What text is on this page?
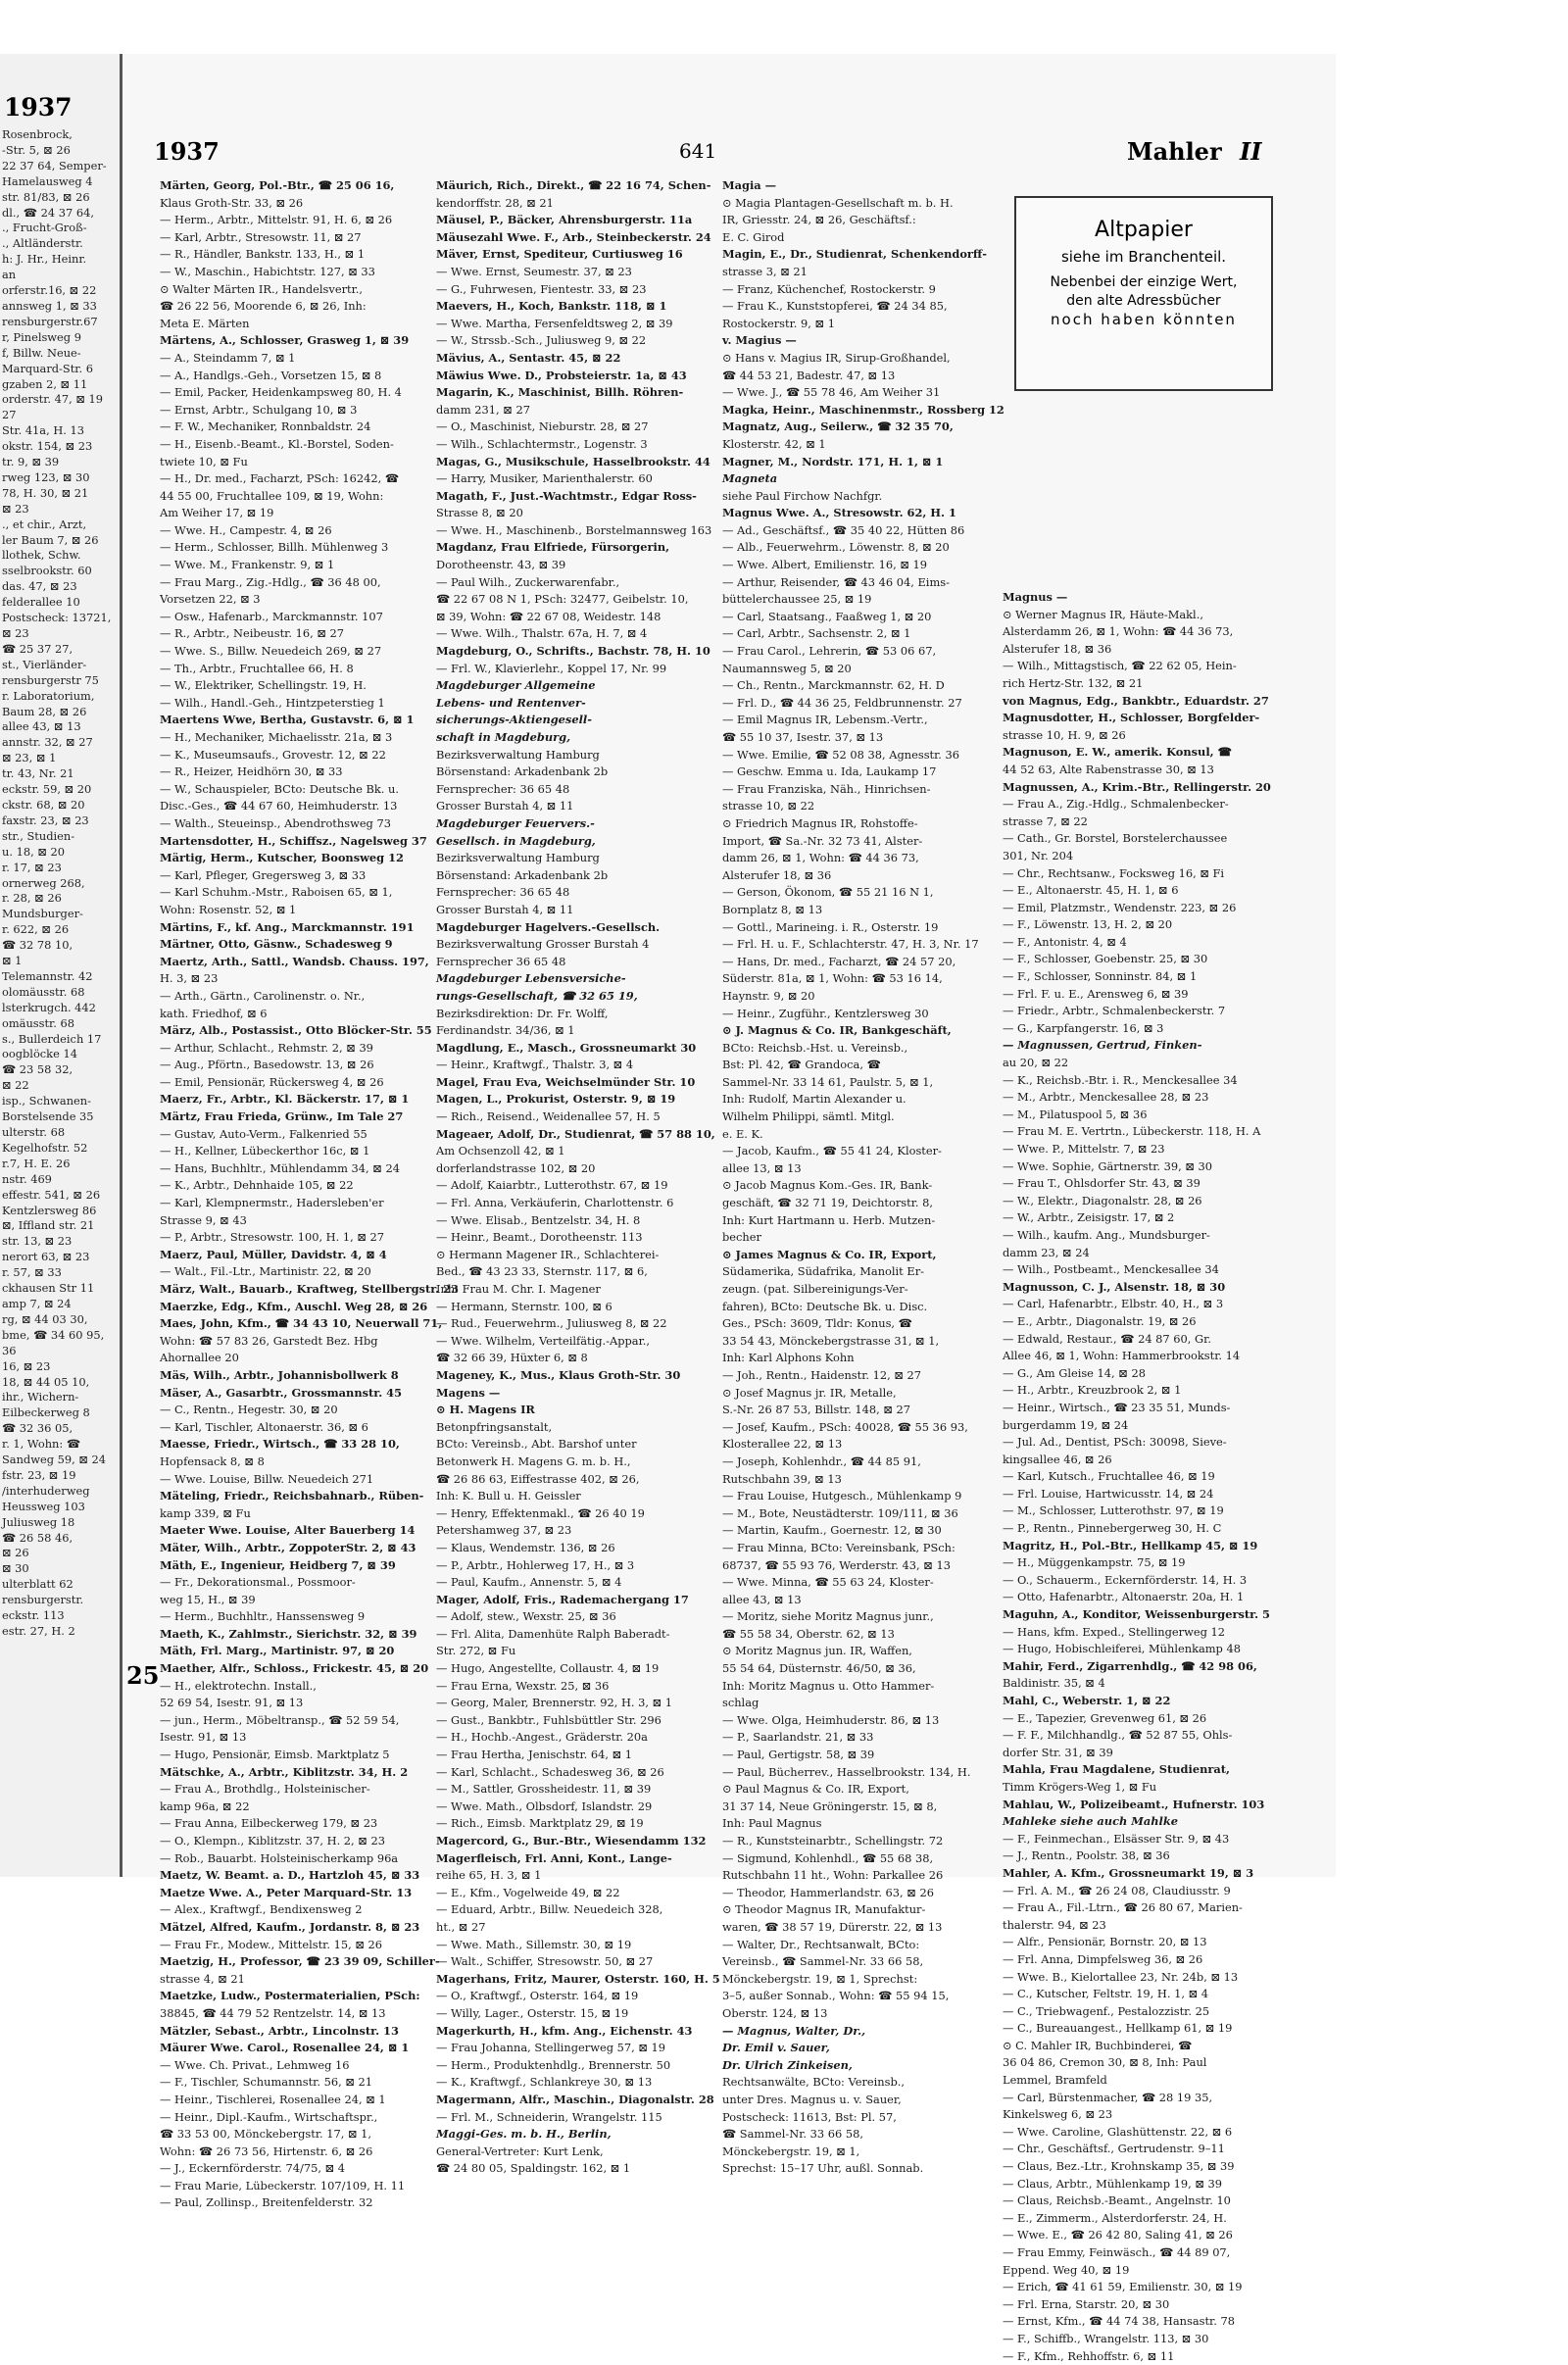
1937
Rosenbrock,
-Str. 5, ⊠ 26
22 37 64, Semper-
Hamelausweg 4
str. 81/83, ⊠ 26
dl., ☎ 24 37 64,
., Frucht-Groß-
., Altländerstr.
h: J. Hr., Heinr.
an
orferstr.16, ⊠ 22
annsweg 1, ⊠ 33
rensburgerstr.67
r, Pinelsweg 9
f, Billw. Neue-
Marquard-Str. 6
gzaben 2, ⊠ 11
orderstr. 47, ⊠ 19
27
Str. 41a, H. 13
okstr. 154, ⊠ 23
tr. 9, ⊠ 39
rweg 123, ⊠ 30
78, H. 30, ⊠ 21
⊠ 23
., et chir., Arzt,
ler Baum 7, ⊠ 26
llothek, Schw.
sselbrookstr. 60
das. 47, ⊠ 23
felderallee 10
Postscheck: 13721,
⊠ 23
☎ 25 37 27,
st., Vierländer-
rensburgerstr 75
r. Laboratorium,
Baum 28, ⊠ 26
allee 43, ⊠ 13
annstr. 32, ⊠ 27
⊠ 23, ⊠ 1
tr. 43, Nr. 21
eckstr. 59, ⊠ 20
ckstr. 68, ⊠ 20
faxstr. 23, ⊠ 23
str., Studien-
u. 18, ⊠ 20
r. 17, ⊠ 23
ornerweg 268,
r. 28, ⊠ 26
Mundsburger-
r. 622, ⊠ 26
☎ 32 78 10,
⊠ 1
Telemannstr. 42
olomäusstr. 68
lsterkrugch. 442
omäusstr. 68
s., Bullerdeich 17
oogblöcke 14
☎ 23 58 32,
⊠ 22
isp., Schwanen-
Borstelsende 35
ulterstr. 68
Kegelhofstr. 52
r.7, H. E. 26
nstr. 469
effestr. 541, ⊠ 26
Kentzlersweg 86
⊠, Iffland str. 21
str. 13, ⊠ 23
nerort 63, ⊠ 23
r. 57, ⊠ 33
ckhausen Str 11
amp 7, ⊠ 24
rg, ⊠ 44 03 30,
bme, ☎ 34 60 95,
36
16, ⊠ 23
18, ⊠ 44 05 10,
ihr., Wichern-
Eilbeckerweg 8
☎ 32 36 05,
r. 1, Wohn: ☎
Sandweg 59, ⊠ 24
fstr. 23, ⊠ 19
/interhuderweg
Heussweg 103
Juliusweg 18
☎ 26 58 46,
⊠ 26
⊠ 30
ulterblatt 62
rensburgerstr.
eckstr. 113
estr. 27, H. 2
1937	641	Mahler II
Märten, Georg, Pol.-Btr., ☎ 25 06 16,
Klaus Groth-Str. 33, ⊠ 26
— Herm., Arbtr., Mittelstr. 91, H. 6, ⊠ 26
— Karl, Arbtr., Stresowstr. 11, ⊠ 27
— R., Händler, Bankstr. 133, H., ⊠ 1
— W., Maschin., Habichtstr. 127, ⊠ 33
⊙ Walter Märten IR., Handelsvertr.,
☎ 26 22 56, Moorende 6, ⊠ 26, Inh:
Meta E. Märten
Märtens, A., Schlosser, Grasweg 1, ⊠ 39
— A., Steindamm 7, ⊠ 1
— A., Handlgs.-Geh., Vorsetzen 15, ⊠ 8
— Emil, Packer, Heidenkampsweg 80, H. 4
— Ernst, Arbtr., Schulgang 10, ⊠ 3
— F. W., Mechaniker, Ronnbaldstr. 24
— H., Eisenb.-Beamt., Kl.-Borstel, Soden-
twiete 10, ⊠ Fu
— H., Dr. med., Facharzt, PSch: 16242, ☎
44 55 00, Fruchtallee 109, ⊠ 19, Wohn:
Am Weiher 17, ⊠ 19
— Wwe. H., Campestr. 4, ⊠ 26
— Herm., Schlosser, Billh. Mühlenweg 3
— Wwe. M., Frankenstr. 9, ⊠ 1
— Frau Marg., Zig.-Hdlg., ☎ 36 48 00,
Vorsetzen 22, ⊠ 3
— Osw., Hafenarb., Marckmannstr. 107
— R., Arbtr., Neibeustr. 16, ⊠ 27
— Wwe. S., Billw. Neuedeich 269, ⊠ 27
— Th., Arbtr., Fruchtallee 66, H. 8
— W., Elektriker, Schellingstr. 19, H.
— Wilh., Handl.-Geh., Hintzpeterstieg 1
Maertens Wwe, Bertha, Gustavstr. 6, ⊠ 1
— H., Mechaniker, Michaelisstr. 21a, ⊠ 3
— K., Museumsaufs., Grovestr. 12, ⊠ 22
— R., Heizer, Heidhörn 30, ⊠ 33
— W., Schauspieler, BCto: Deutsche Bk. u.
Disc.-Ges., ☎ 44 67 60, Heimhuderstr. 13
— Walth., Steueinsp., Abendrothsweg 73
Martensdotter, H., Schiffsz., Nagelsweg 37
Märtig, Herm., Kutscher, Boonsweg 12
— Karl, Pfleger, Gregersweg 3, ⊠ 33
— Karl Schuhm.-Mstr., Raboisen 65, ⊠ 1,
Wohn: Rosenstr. 52, ⊠ 1
Märtins, F., kf. Ang., Marckmannstr. 191
Märtner, Otto, Gäsnw., Schadesweg 9
Maertz, Arth., Sattl., Wandsb. Chauss. 197,
H. 3, ⊠ 23
— Arth., Gärtn., Carolinenstr. o. Nr.,
kath. Friedhof, ⊠ 6
März, Alb., Postassist., Otto Blöcker-Str. 55
— Arthur, Schlacht., Rehmstr. 2, ⊠ 39
— Aug., Pförtn., Basedowstr. 13, ⊠ 26
— Emil, Pensionär, Rückersweg 4, ⊠ 26
Maerz, Fr., Arbtr., Kl. Bäckerstr. 17, ⊠ 1
Märtz, Frau Frieda, Grünw., Im Tale 27
— Gustav, Auto-Verm., Falkenried 55
— H., Kellner, Lübeckerthor 16c, ⊠ 1
— Hans, Buchhltr., Mühlendamm 34, ⊠ 24
— K., Arbtr., Dehnhaide 105, ⊠ 22
— Karl, Klempnermstr., Hadersleben'er
Strasse 9, ⊠ 43
— P., Arbtr., Stresowstr. 100, H. 1, ⊠ 27
Maerz, Paul, Müller, Davidstr. 4, ⊠ 4
— Walt., Fil.-Ltr., Martinistr. 22, ⊠ 20
März, Walt., Bauarb., Kraftweg, Stellbergstr. 23
Maerzke, Edg., Kfm., Auschl. Weg 28, ⊠ 26
Maes, John, Kfm., ☎ 34 43 10, Neuerwall 71,
Wohn: ☎ 57 83 26, Garstedt Bez. Hbg
Ahornallee 20
Mäs, Wilh., Arbtr., Johannisbollwerk 8
Mäser, A., Gasarbtr., Grossmannstr. 45
— C., Rentn., Hegestr. 30, ⊠ 20
— Karl, Tischler, Altonaerstr. 36, ⊠ 6
Maesse, Friedr., Wirtsch., ☎ 33 28 10,
Hopfensack 8, ⊠ 8
— Wwe. Louise, Billw. Neuedeich 271
Mäteling, Friedr., Reichsbahnarb., Rüben-
kamp 339, ⊠ Fu
Maeter Wwe. Louise, Alter Bauerberg 14
Mäter, Wilh., Arbtr., ZoppoterStr. 2, ⊠ 43
Mäth, E., Ingenieur, Heidberg 7, ⊠ 39
— Fr., Dekorationsmal., Possmoor-
weg 15, H., ⊠ 39
— Herm., Buchhltr., Hanssensweg 9
Maeth, K., Zahlmstr., Sierichstr. 32, ⊠ 39
Mäth, Frl. Marg., Martinistr. 97, ⊠ 20
Maether, Alfr., Schloss., Frickestr. 45, ⊠ 20
— H., elektrotechn. Install.,
52 69 54, Isestr. 91, ⊠ 13
— jun., Herm., Möbeltransp., ☎ 52 59 54,
Isestr. 91, ⊠ 13
— Hugo, Pensionär, Eimsb. Marktplatz 5
Mätschke, A., Arbtr., Kiblitzstr. 34, H. 2
— Frau A., Brothdlg., Holsteinischer-
kamp 96a, ⊠ 22
— Frau Anna, Eilbeckerweg 179, ⊠ 23
— O., Klempn., Kiblitzstr. 37, H. 2, ⊠ 23
— Rob., Bauarbt. Holsteinischerkamp 96a
Maetz, W. Beamt. a. D., Hartzloh 45, ⊠ 33
Maetze Wwe. A., Peter Marquard-Str. 13
— Alex., Kraftwgf., Bendixensweg 2
Mätzel, Alfred, Kaufm., Jordanstr. 8, ⊠ 23
— Frau Fr., Modew., Mittelstr. 15, ⊠ 26
Maetzig, H., Professor, ☎ 23 39 09, Schiller-
strasse 4, ⊠ 21
Maetzke, Ludw., Postermaterialien, PSch:
38845, ☎ 44 79 52 Rentzelstr. 14, ⊠ 13
Mätzler, Sebast., Arbtr., Lincolnstr. 13
Mäurer Wwe. Carol., Rosenallee 24, ⊠ 1
— Wwe. Ch. Privat., Lehmweg 16
— F., Tischler, Schumannstr. 56, ⊠ 21
— Heinr., Tischlerei, Rosenallee 24, ⊠ 1
— Heinr., Dipl.-Kaufm., Wirtschaftspr.,
☎ 33 53 00, Mönckebergstr. 17, ⊠ 1,
Wohn: ☎ 26 73 56, Hirtenstr. 6, ⊠ 26
— J., Eckernförderstr. 74/75, ⊠ 4
— Frau Marie, Lübeckerstr. 107/109, H. 11
— Paul, Zollinsp., Breitenfelderstr. 32
Mäurich, Rich., Direkt., ☎ 22 16 74, Schen-
kendorffstr. 28, ⊠ 21
Mäusel, P., Bäcker, Ahrensburgerstr. 11a
Mäusezahl Wwe. F., Arb., Steinbeckerstr. 24
Mäver, Ernst, Spediteur, Curtiusweg 16
— Wwe. Ernst, Seumestr. 37, ⊠ 23
— G., Fuhrwesen, Fientestr. 33, ⊠ 23
Maevers, H., Koch, Bankstr. 118, ⊠ 1
— Wwe. Martha, Fersenfeldtsweg 2, ⊠ 39
— W., Strssb.-Sch., Juliusweg 9, ⊠ 22
Mävius, A., Sentastr. 45, ⊠ 22
Mäwius Wwe. D., Probsteierstr. 1a, ⊠ 43
Magarin, K., Maschinist, Billh. Röhren-
damm 231, ⊠ 27
— O., Maschinist, Nieburstr. 28, ⊠ 27
— Wilh., Schlachtermstr., Logenstr. 3
Magas, G., Musikschule, Hasselbrookstr. 44
— Harry, Musiker, Marienthalerstr. 60
Magath, F., Just.-Wachtmstr., Edgar Ross-
Strasse 8, ⊠ 20
— Wwe. H., Maschinenb., Borstelmannsweg 163
Magdanz, Frau Elfriede, Fürsorgerin,
Dorotheenstr. 43, ⊠ 39
— Paul Wilh., Zuckerwarenfabr.,
☎ 22 67 08 N 1, PSch: 32477, Geibelstr. 10,
⊠ 39, Wohn: ☎ 22 67 08, Weidestr. 148
— Wwe. Wilh., Thalstr. 67a, H. 7, ⊠ 4
Magdeburg, O., Schrifts., Bachstr. 78, H. 10
— Frl. W., Klavierlehr., Koppel 17, Nr. 99
Magdeburger Allgemeine
Lebens- und Rentenver-
sicherungs-Aktiengesell-
schaft in Magdeburg,
Bezirksverwaltung Hamburg
Börsenstand: Arkadenbank 2b
Fernsprecher: 36 65 48
Grosser Burstah 4, ⊠ 11
Magdeburger Feuervers.-
Gesellsch. in Magdeburg,
Bezirksverwaltung Hamburg
Börsenstand: Arkadenbank 2b
Fernsprecher: 36 65 48
Grosser Burstah 4, ⊠ 11
Magdeburger Hagelvers.-Gesellsch.
Bezirksverwaltung Grosser Burstah 4
Fernsprecher 36 65 48
Magdeburger Lebensversiche-
rungs-Gesellschaft, ☎ 32 65 19,
Bezirksdirektion: Dr. Fr. Wolff,
Ferdinandstr. 34/36, ⊠ 1
Magdlung, E., Masch., Grossneumarkt 30
— Heinr., Kraftwgf., Thalstr. 3, ⊠ 4
Magel, Frau Eva, Weichselmünder Str. 10
Magen, L., Prokurist, Osterstr. 9, ⊠ 19
— Rich., Reisend., Weidenallee 57, H. 5
Mageaer, Adolf, Dr., Studienrat, ☎ 57 88 10,
Am Ochsenzoll 42, ⊠ 1
dorferlandstrasse 102, ⊠ 20
— Adolf, Kaiarbtr., Lutterothstr. 67, ⊠ 19
— Frl. Anna, Verkäuferin, Charlottenstr. 6
— Wwe. Elisab., Bentzelstr. 34, H. 8
— Heinr., Beamt., Dorotheenstr. 113
⊙ Hermann Magener IR., Schlachterei-
Bed., ☎ 43 23 33, Sternstr. 117, ⊠ 6,
Inh: Frau M. Chr. I. Magener
— Hermann, Sternstr. 100, ⊠ 6
— Rud., Feuerwehrm., Juliusweg 8, ⊠ 22
— Wwe. Wilhelm, Verteilfätig.-Appar.,
☎ 32 66 39, Hüxter 6, ⊠ 8
Mageney, K., Mus., Klaus Groth-Str. 30
Magens —
⊙ H. Magens IR
Betonpfringsanstalt,
BCto: Vereinsb., Abt. Barshof unter
Betonwerk H. Magens G. m. b. H.,
☎ 26 86 63, Eiffestrasse 402, ⊠ 26,
Inh: K. Bull u. H. Geissler
— Henry, Effektenmakl., ☎ 26 40 19
Petershamweg 37, ⊠ 23
— Klaus, Wendemstr. 136, ⊠ 26
— P., Arbtr., Hohlerweg 17, H., ⊠ 3
— Paul, Kaufm., Annenstr. 5, ⊠ 4
Mager, Adolf, Fris., Rademachergang 17
— Adolf, stew., Wexstr. 25, ⊠ 36
— Frl. Alita, Damenhüte Ralph Baberadt-
Str. 272, ⊠ Fu
— Hugo, Angestellte, Collaustr. 4, ⊠ 19
— Frau Erna, Wexstr. 25, ⊠ 36
— Georg, Maler, Brennerstr. 92, H. 3, ⊠ 1
— Gust., Bankbtr., Fuhlsbüttler Str. 296
— H., Hochb.-Angest., Gräderstr. 20a
— Frau Hertha, Jenischstr. 64, ⊠ 1
— Karl, Schlacht., Schadesweg 36, ⊠ 26
— M., Sattler, Grossheidestr. 11, ⊠ 39
— Wwe. Math., Olbsdorf, Islandstr. 29
— Rich., Eimsb. Marktplatz 29, ⊠ 19
Magercord, G., Bur.-Btr., Wiesendamm 132
Magerfleisch, Frl. Anni, Kont., Lange-
reihe 65, H. 3, ⊠ 1
— E., Kfm., Vogelweide 49, ⊠ 22
— Eduard, Arbtr., Billw. Neuedeich 328,
ht., ⊠ 27
— Wwe. Math., Sillemstr. 30, ⊠ 19
— Walt., Schiffer, Stresowstr. 50, ⊠ 27
Magerhans, Fritz, Maurer, Osterstr. 160, H. 5
— O., Kraftwgf., Osterstr. 164, ⊠ 19
— Willy, Lager., Osterstr. 15, ⊠ 19
Magerkurth, H., kfm. Ang., Eichenstr. 43
— Frau Johanna, Stellingerweg 57, ⊠ 19
— Herm., Produktenhdlg., Brennerstr. 50
— K., Kraftwgf., Schlankreye 30, ⊠ 13
Magermann, Alfr., Maschin., Diagonalstr. 28
— Frl. M., Schneiderin, Wrangelstr. 115
Maggi-Ges. m. b. H., Berlin,
General-Vertreter: Kurt Lenk,
☎ 24 80 05, Spaldingstr. 162, ⊠ 1
Magia —
⊙ Magia Plantagen-Gesellschaft m. b. H.
IR, Griesstr. 24, ⊠ 26, Geschäftsf.:
E. C. Girod
Magin, E., Dr., Studienrat, Schenkendorff-
strasse 3, ⊠ 21
— Franz, Küchenchef, Rostockerstr. 9
— Frau K., Kunststopferei, ☎ 24 34 85,
Rostockerstr. 9, ⊠ 1
v. Magius —
⊙ Hans v. Magius IR, Sirup-Großhandel,
☎ 44 53 21, Badestr. 47, ⊠ 13
— Wwe. J., ☎ 55 78 46, Am Weiher 31
Magka, Heinr., Maschinenmstr., Rossberg 12
Magnatz, Aug., Seilerw., ☎ 32 35 70,
Klosterstr. 42, ⊠ 1
Magner, M., Nordstr. 171, H. 1, ⊠ 1
Magneta
siehe Paul Firchow Nachfgr.
Magnus Wwe. A., Stresowstr. 62, H. 1
— Ad., Geschäftsf., ☎ 35 40 22, Hütten 86
— Alb., Feuerwehrm., Löwenstr. 8, ⊠ 20
— Wwe. Albert, Emilienstr. 16, ⊠ 19
— Arthur, Reisender, ☎ 43 46 04, Eims-
büttelerchaussee 25, ⊠ 19
— Carl, Staatsang., Faaßweg 1, ⊠ 20
— Carl, Arbtr., Sachsenstr. 2, ⊠ 1
— Frau Carol., Lehrerin, ☎ 53 06 67,
Naumannsweg 5, ⊠ 20
— Ch., Rentn., Marckmannstr. 62, H. D
— Frl. D., ☎ 44 36 25, Feldbrunnenstr. 27
— Emil Magnus IR, Lebensm.-Vertr.,
☎ 55 10 37, Isestr. 37, ⊠ 13
— Wwe. Emilie, ☎ 52 08 38, Agnesstr. 36
— Geschw. Emma u. Ida, Laukamp 17
— Frau Franziska, Näh., Hinrichsen-
strasse 10, ⊠ 22
⊙ Friedrich Magnus IR, Rohstoffe-
Import, ☎ Sa.-Nr. 32 73 41, Alster-
damm 26, ⊠ 1, Wohn: ☎ 44 36 73,
Alsterufer 18, ⊠ 36
— Gerson, Ökonom, ☎ 55 21 16 N 1,
Bornplatz 8, ⊠ 13
— Gottl., Marineing. i. R., Osterstr. 19
— Frl. H. u. F., Schlachterstr. 47, H. 3, Nr. 17
— Hans, Dr. med., Facharzt, ☎ 24 57 20,
Süderstr. 81a, ⊠ 1, Wohn: ☎ 53 16 14,
Haynstr. 9, ⊠ 20
— Heinr., Zugführ., Kentzlersweg 30
⊙ J. Magnus & Co. IR, Bankgeschäft,
BCto: Reichsb.-Hst. u. Vereinsb.,
Bst: Pl. 42, ☎ Grandoca, ☎
Sammel-Nr. 33 14 61, Paulstr. 5, ⊠ 1,
Inh: Rudolf, Martin Alexander u.
Wilhelm Philippi, sämtl. Mitgl.
e. E. K.
— Jacob, Kaufm., ☎ 55 41 24, Kloster-
allee 13, ⊠ 13
⊙ Jacob Magnus Kom.-Ges. IR, Bank-
geschäft, ☎ 32 71 19, Deichtorstr. 8,
Inh: Kurt Hartmann u. Herb. Mutzen-
becher
⊙ James Magnus & Co. IR, Export,
Südamerika, Südafrika, Manolit Er-
zeugn. (pat. Silbereinigungs-Ver-
fahren), BCto: Deutsche Bk. u. Disc.
Ges., PSch: 3609, Tldr: Konus, ☎
33 54 43, Mönckebergstrasse 31, ⊠ 1,
Inh: Karl Alphons Kohn
— Joh., Rentn., Haidenstr. 12, ⊠ 27
⊙ Josef Magnus jr. IR, Metalle,
S.-Nr. 26 87 53, Billstr. 148, ⊠ 27
— Josef, Kaufm., PSch: 40028, ☎ 55 36 93,
Klosterallee 22, ⊠ 13
— Joseph, Kohlenhdr., ☎ 44 85 91,
Rutschbahn 39, ⊠ 13
— Frau Louise, Hutgesch., Mühlenkamp 9
— M., Bote, Neustädterstr. 109/111, ⊠ 36
— Martin, Kaufm., Goernestr. 12, ⊠ 30
— Frau Minna, BCto: Vereinsbank, PSch:
68737, ☎ 55 93 76, Werderstr. 43, ⊠ 13
— Wwe. Minna, ☎ 55 63 24, Kloster-
allee 43, ⊠ 13
— Moritz, siehe Moritz Magnus junr.,
☎ 55 58 34, Oberstr. 62, ⊠ 13
⊙ Moritz Magnus jun. IR, Waffen,
55 54 64, Düsternstr. 46/50, ⊠ 36,
Inh: Moritz Magnus u. Otto Hammer-
schlag
— Wwe. Olga, Heimhuderstr. 86, ⊠ 13
— P., Saarlandstr. 21, ⊠ 33
— Paul, Gertigstr. 58, ⊠ 39
— Paul, Bücherrev., Hasselbrookstr. 134, H.
⊙ Paul Magnus & Co. IR, Export,
31 37 14, Neue Gröningerstr. 15, ⊠ 8,
Inh: Paul Magnus
— R., Kunststeinarbtr., Schellingstr. 72
— Sigmund, Kohlenhdl., ☎ 55 68 38,
Rutschbahn 11 ht., Wohn: Parkallee 26
— Theodor, Hammerlandstr. 63, ⊠ 26
⊙ Theodor Magnus IR, Manufaktur-
waren, ☎ 38 57 19, Dürerstr. 22, ⊠ 13
— Walter, Dr., Rechtsanwalt, BCto:
Vereinsb., ☎ Sammel-Nr. 33 66 58,
Mönckebergstr. 19, ⊠ 1, Sprechst:
3–5, außer Sonnab., Wohn: ☎ 55 94 15,
Oberstr. 124, ⊠ 13
— Magnus, Walter, Dr.,
Dr. Emil v. Sauer,
Dr. Ulrich Zinkeisen,
Rechtsanwälte, BCto: Vereinsb.,
unter Dres. Magnus u. v. Sauer,
Postscheck: 11613, Bst: Pl. 57,
☎ Sammel-Nr. 33 66 58,
Mönckebergstr. 19, ⊠ 1,
Sprechst: 15–17 Uhr, außl. Sonnab.
Altpapier
siehe im Branchenteil.
Nebenbei der einzige Wert,
den alte Adressbücher
noch haben könnten
Magnus —
⊙ Werner Magnus IR, Häute-Makl.,
Alsterdamm 26, ⊠ 1, Wohn: ☎ 44 36 73,
Alsterufer 18, ⊠ 36
— Wilh., Mittagstisch, ☎ 22 62 05, Hein-
rich Hertz-Str. 132, ⊠ 21
von Magnus, Edg., Bankbtr., Eduardstr. 27
Magnusdotter, H., Schlosser, Borgfelder-
strasse 10, H. 9, ⊠ 26
Magnuson, E. W., amerik. Konsul, ☎
44 52 63, Alte Rabenstrasse 30, ⊠ 13
Magnussen, A., Krim.-Btr., Rellingerstr. 20
— Frau A., Zig.-Hdlg., Schmalenbecker-
strasse 7, ⊠ 22
— Cath., Gr. Borstel, Borstelerchaussee
301, Nr. 204
— Chr., Rechtsanw., Focksweg 16, ⊠ Fi
— E., Altonaerstr. 45, H. 1, ⊠ 6
— Emil, Platzmstr., Wendenstr. 223, ⊠ 26
— F., Löwenstr. 13, H. 2, ⊠ 20
— F., Antonistr. 4, ⊠ 4
— F., Schlosser, Goebenstr. 25, ⊠ 30
— F., Schlosser, Sonninstr. 84, ⊠ 1
— Frl. F. u. E., Arensweg 6, ⊠ 39
— Friedr., Arbtr., Schmalenbeckerstr. 7
— G., Karpfangerstr. 16, ⊠ 3
— Magnussen, Gertrud, Finken-
au 20, ⊠ 22
— K., Reichsb.-Btr. i. R., Menckesallee 34
— M., Arbtr., Menckesallee 28, ⊠ 23
— M., Pilatuspool 5, ⊠ 36
— Frau M. E. Vertrtn., Lübeckerstr. 118, H. A
— Wwe. P., Mittelstr. 7, ⊠ 23
— Wwe. Sophie, Gärtnerstr. 39, ⊠ 30
— Frau T., Ohlsdorfer Str. 43, ⊠ 39
— W., Elektr., Diagonalstr. 28, ⊠ 26
— W., Arbtr., Zeisigstr. 17, ⊠ 2
— Wilh., kaufm. Ang., Mundsburger-
damm 23, ⊠ 24
— Wilh., Postbeamt., Menckesallee 34
Magnusson, C. J., Alsenstr. 18, ⊠ 30
— Carl, Hafenarbtr., Elbstr. 40, H., ⊠ 3
— E., Arbtr., Diagonalstr. 19, ⊠ 26
— Edwald, Restaur., ☎ 24 87 60, Gr.
Allee 46, ⊠ 1, Wohn: Hammerbrookstr. 14
— G., Am Gleise 14, ⊠ 28
— H., Arbtr., Kreuzbrook 2, ⊠ 1
— Heinr., Wirtsch., ☎ 23 35 51, Munds-
burgerdamm 19, ⊠ 24
— Jul. Ad., Dentist, PSch: 30098, Sieve-
kingsallee 46, ⊠ 26
— Karl, Kutsch., Fruchtallee 46, ⊠ 19
— Frl. Louise, Hartwicusstr. 14, ⊠ 24
— M., Schlosser, Lutterothstr. 97, ⊠ 19
— P., Rentn., Pinnebergerweg 30, H. C
Magritz, H., Pol.-Btr., Hellkamp 45, ⊠ 19
— H., Müggenkampstr. 75, ⊠ 19
— O., Schauerm., Eckernförderstr. 14, H. 3
— Otto, Hafenarbtr., Altonaerstr. 20a, H. 1
Maguhn, A., Konditor, Weissenburgerstr. 5
— Hans, kfm. Exped., Stellingerweg 12
— Hugo, Hobischleiferei, Mühlenkamp 48
Mahir, Ferd., Zigarrenhdlg., ☎ 42 98 06,
Baldinistr. 35, ⊠ 4
Mahl, C., Weberstr. 1, ⊠ 22
— E., Tapezier, Grevenweg 61, ⊠ 26
— F. F., Milchhandlg., ☎ 52 87 55, Ohls-
dorfer Str. 31, ⊠ 39
Mahla, Frau Magdalene, Studienrat,
Timm Krögers-Weg 1, ⊠ Fu
Mahlau, W., Polizeibeamt., Hufnerstr. 103
Mahleke siehe auch Mahlke
— F., Feinmechan., Elsässer Str. 9, ⊠ 43
— J., Rentn., Poolstr. 38, ⊠ 36
Mahler, A. Kfm., Grossneumarkt 19, ⊠ 3
— Frl. A. M., ☎ 26 24 08, Claudiusstr. 9
— Frau A., Fil.-Ltrn., ☎ 26 80 67, Marien-
thalerstr. 94, ⊠ 23
— Alfr., Pensionär, Bornstr. 20, ⊠ 13
— Frl. Anna, Dimpfelsweg 36, ⊠ 26
— Wwe. B., Kielortallee 23, Nr. 24b, ⊠ 13
— C., Kutscher, Feltstr. 19, H. 1, ⊠ 4
— C., Triebwagenf., Pestalozzistr. 25
— C., Bureauangest., Hellkamp 61, ⊠ 19
⊙ C. Mahler IR, Buchbinderei, ☎
36 04 86, Cremon 30, ⊠ 8, Inh: Paul
Lemmel, Bramfeld
— Carl, Bürstenmacher, ☎ 28 19 35,
Kinkelsweg 6, ⊠ 23
— Wwe. Caroline, Glashüttenstr. 22, ⊠ 6
— Chr., Geschäftsf., Gertrudenstr. 9–11
— Claus, Bez.-Ltr., Krohnskamp 35, ⊠ 39
— Claus, Arbtr., Mühlenkamp 19, ⊠ 39
— Claus, Reichsb.-Beamt., Angelnstr. 10
— E., Zimmerm., Alsterdorferstr. 24, H.
— Wwe. E., ☎ 26 42 80, Saling 41, ⊠ 26
— Frau Emmy, Feinwäsch., ☎ 44 89 07,
Eppend. Weg 40, ⊠ 19
— Erich, ☎ 41 61 59, Emilienstr. 30, ⊠ 19
— Frl. Erna, Starstr. 20, ⊠ 30
— Ernst, Kfm., ☎ 44 74 38, Hansastr. 78
— F., Schiffb., Wrangelstr. 113, ⊠ 30
— F., Kfm., Rehhoffstr. 6, ⊠ 11
25
